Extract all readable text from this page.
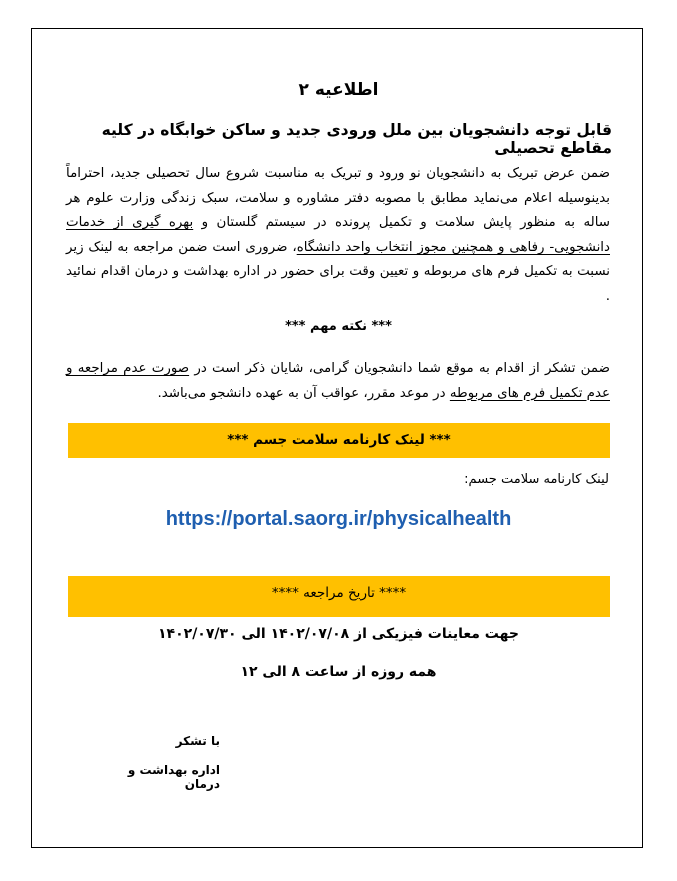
اطلاعیه ۲
قابل توجه دانشجویان بین ملل ورودی جدید و ساکن خوابگاه در کلیه مقاطع تحصیلی
ضمن عرض تبریک به دانشجویان نو ورود و تبریک به مناسبت شروع سال تحصیلی جدید، احتراماً بدینوسیله اعلام می‌نماید مطابق با مصوبه دفتر مشاوره و سلامت، سبک زندگی وزارت علوم هر ساله به منظور پایش سلامت و تکمیل پرونده در سیستم گلستان و بهره گیری از خدمات دانشجویی- رفاهی و همچنین مجوز انتخاب واحد دانشگاه، ضروری است ضمن مراجعه به لینک زیر نسبت به تکمیل فرم های مربوطه و تعیین وقت برای حضور در اداره بهداشت و درمان اقدام نمائید .
*** نکته مهم ***
ضمن تشکر از اقدام به موقع شما دانشجویان گرامی، شایان ذکر است در صورت عدم مراجعه و عدم تکمیل فرم های مربوطه در موعد مقرر، عواقب آن به عهده دانشجو می‌باشد.
*** لینک کارنامه سلامت جسم ***
لینک کارنامه سلامت جسم:
https://portal.saorg.ir/physicalhealth
**** تاریخ مراجعه ****
جهت معاینات فیزیکی از ۱۴۰۲/۰۷/۰۸ الی ۱۴۰۲/۰۷/۳۰
همه روزه از ساعت ۸ الی ۱۲
با تشکر
اداره بهداشت و درمان
